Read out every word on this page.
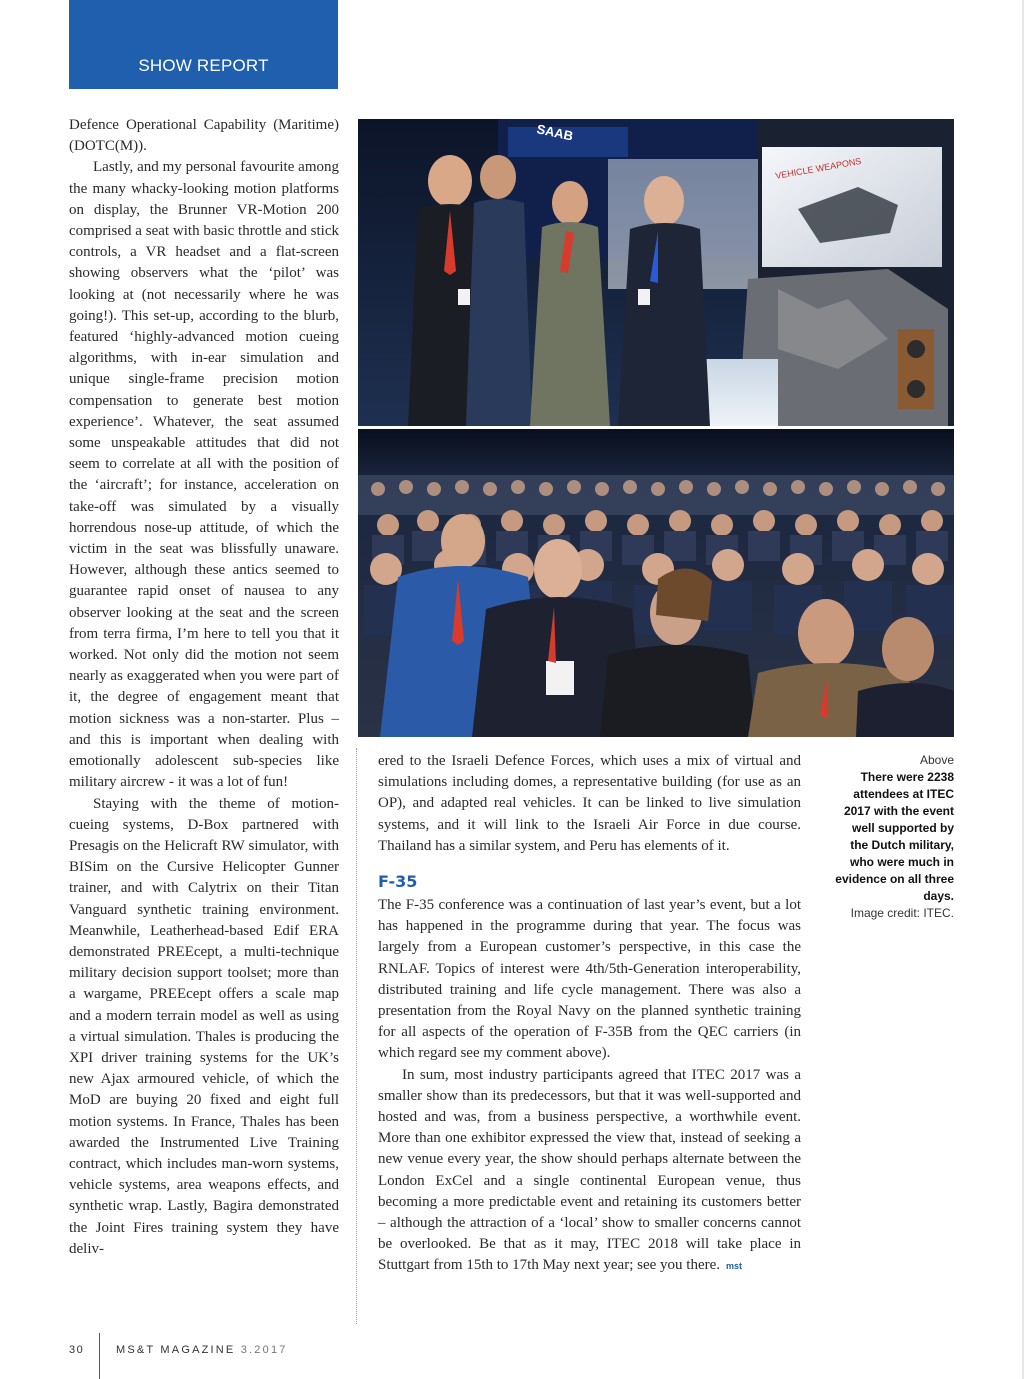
SHOW REPORT

Defence Operational Capability (Maritime) (DOTC(M)).

Lastly, and my personal favourite among the many whacky-looking motion platforms on display, the Brunner VR-Motion 200 comprised a seat with basic throttle and stick controls, a VR headset and a flat-screen showing observers what the ‘pilot’ was looking at (not necessarily where he was going!). This set-up, according to the blurb, featured ‘highly-advanced motion cueing algorithms, with in-ear simulation and unique single-frame precision motion compensation to generate best motion experience’. Whatever, the seat assumed some unspeakable attitudes that did not seem to correlate at all with the position of the ‘aircraft’; for instance, acceleration on take-off was simulated by a visually horrendous nose-up attitude, of which the victim in the seat was blissfully unaware. However, although these antics seemed to guarantee rapid onset of nausea to any observer looking at the seat and the screen from terra firma, I’m here to tell you that it worked. Not only did the motion not seem nearly as exaggerated when you were part of it, the degree of engagement meant that motion sickness was a non-starter. Plus – and this is important when dealing with emotionally adolescent sub-species like military aircrew - it was a lot of fun!

Staying with the theme of motion-cueing systems, D-Box partnered with Presagis on the Helicraft RW simulator, with BISim on the Cursive Helicopter Gunner trainer, and with Calytrix on their Titan Vanguard synthetic training environment. Meanwhile, Leatherhead-based Edif ERA demonstrated PREEcept, a multi-technique military decision support toolset; more than a wargame, PREEcept offers a scale map and a modern terrain model as well as using a virtual simulation. Thales is producing the XPI driver training systems for the UK’s new Ajax armoured vehicle, of which the MoD are buying 20 fixed and eight full motion systems. In France, Thales has been awarded the Instrumented Live Training contract, which includes man-worn systems, vehicle systems, area weapons effects, and synthetic wrap. Lastly, Bagira demonstrated the Joint Fires training system they have deliv-

SAAB
VEHICLE WEAPONS

ered to the Israeli Defence Forces, which uses a mix of virtual and simulations including domes, a representative building (for use as an OP), and adapted real vehicles. It can be linked to live simulation systems, and it will link to the Israeli Air Force in due course. Thailand has a similar system, and Peru has elements of it.

F-35

The F-35 conference was a continuation of last year’s event, but a lot has happened in the programme during that year. The focus was largely from a European customer’s perspective, in this case the RNLAF. Topics of interest were 4th/5th-Generation interoperability, distributed training and life cycle management. There was also a presentation from the Royal Navy on the planned synthetic training for all aspects of the operation of F-35B from the QEC carriers (in which regard see my comment above).

In sum, most industry participants agreed that ITEC 2017 was a smaller show than its predecessors, but that it was well-supported and hosted and was, from a business perspective, a worthwhile event. More than one exhibitor expressed the view that, instead of seeking a new venue every year, the show should perhaps alternate between the London ExCel and a single continental European venue, thus becoming a more predictable event and retaining its customers better – although the attraction of a ‘local’ show to smaller concerns cannot be overlooked. Be that as it may, ITEC 2018 will take place in Stuttgart from 15th to 17th May next year; see you there. mst

Above
There were 2238 attendees at ITEC 2017 with the event well supported by the Dutch military, who were much in evidence on all three days.
Image credit: ITEC.
30	MS&T MAGAZINE 3.2017
